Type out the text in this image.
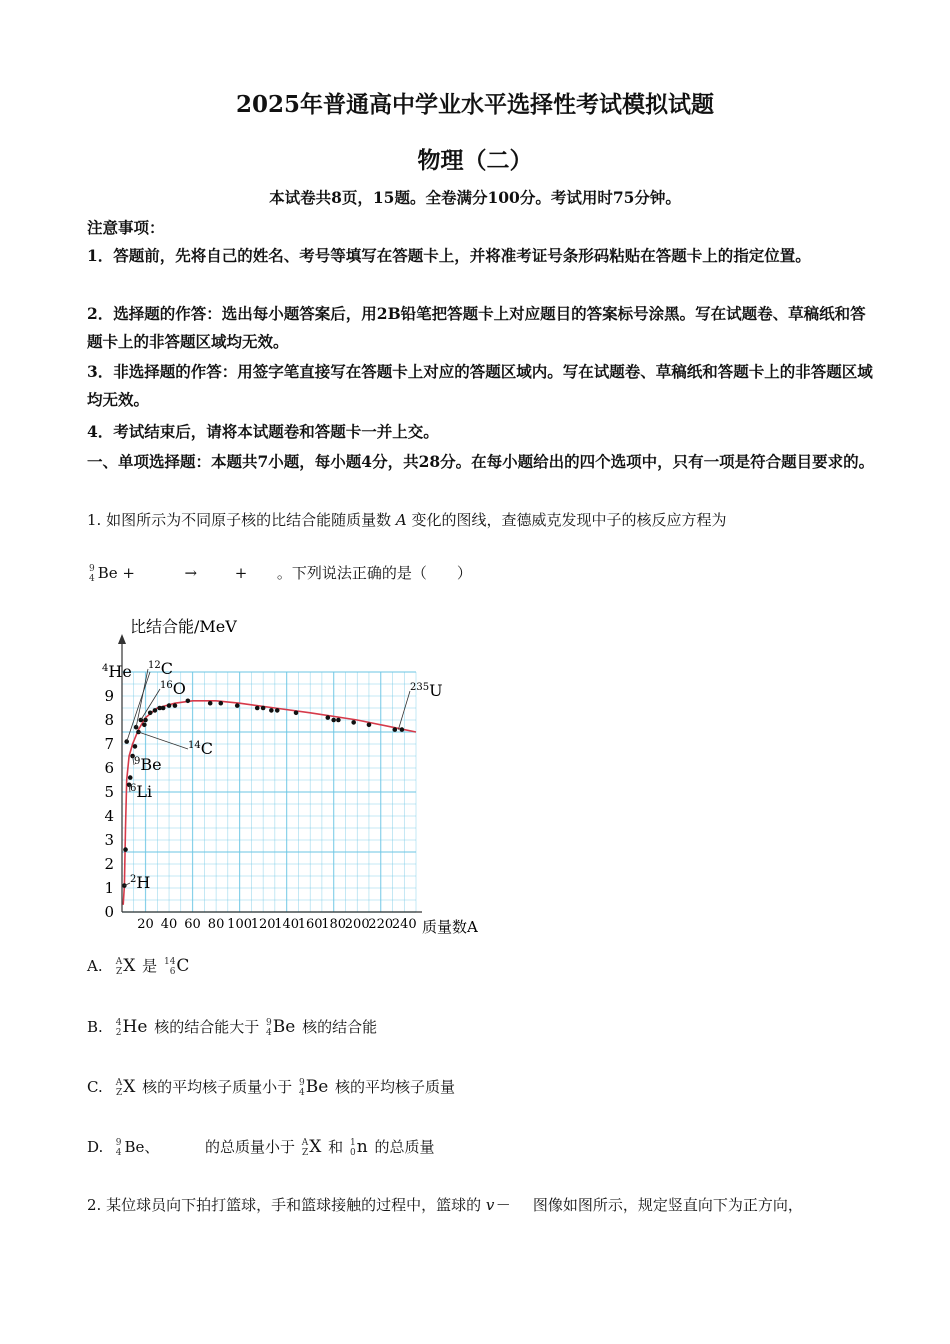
2025年普通高中学业水平选择性考试模拟试题
物理（二）
本试卷共8页，15题。全卷满分100分。考试用时75分钟。
注意事项：
1．答题前，先将自己的姓名、考号等填写在答题卡上，并将准考证号条形码粘贴在答题卡上的指定位置。
2．选择题的作答：选出每小题答案后，用2B铅笔把答题卡上对应题目的答案标号涂黑。写在试题卷、草稿纸和答题卡上的非答题区域均无效。
3．非选择题的作答：用签字笔直接写在答题卡上对应的答题区域内。写在试题卷、草稿纸和答题卡上的非答题区域均无效。
4．考试结束后，请将本试题卷和答题卡一并上交。
一、单项选择题：本题共7小题，每小题4分，共28分。在每小题给出的四个选项中，只有一项是符合题目要求的。
1. 如图所示为不同原子核的比结合能随质量数 A 变化的图线，查德威克发现中子的核反应方程为
9
4 Be +	→	+ 。下列说法正确的是（　　）
0
1
2
3
4
5
6
7
8
9
20 40 60 80 100
120
140
160
180
200
220
240
$^4$He $^{12}$C
$^{16}$O
$^{14}$C
$^9$Be
$^6$Li
$^2$H
$^{235}$U
比结合能/MeV
质量数A
A. A
Z X 是 14
6 C
B. 4
2 He 核的结合能大于 9
4 Be 核的结合能
C. A
Z X 核的平均核子质量小于 9
4 Be 核的平均核子质量
D. 9
4 Be、	的总质量小于 A
Z X 和 1
0 n 的总质量
2. 某位球员向下拍打篮球，手和篮球接触的过程中，篮球的 v－ 图像如图所示，规定竖直向下为正方向，
